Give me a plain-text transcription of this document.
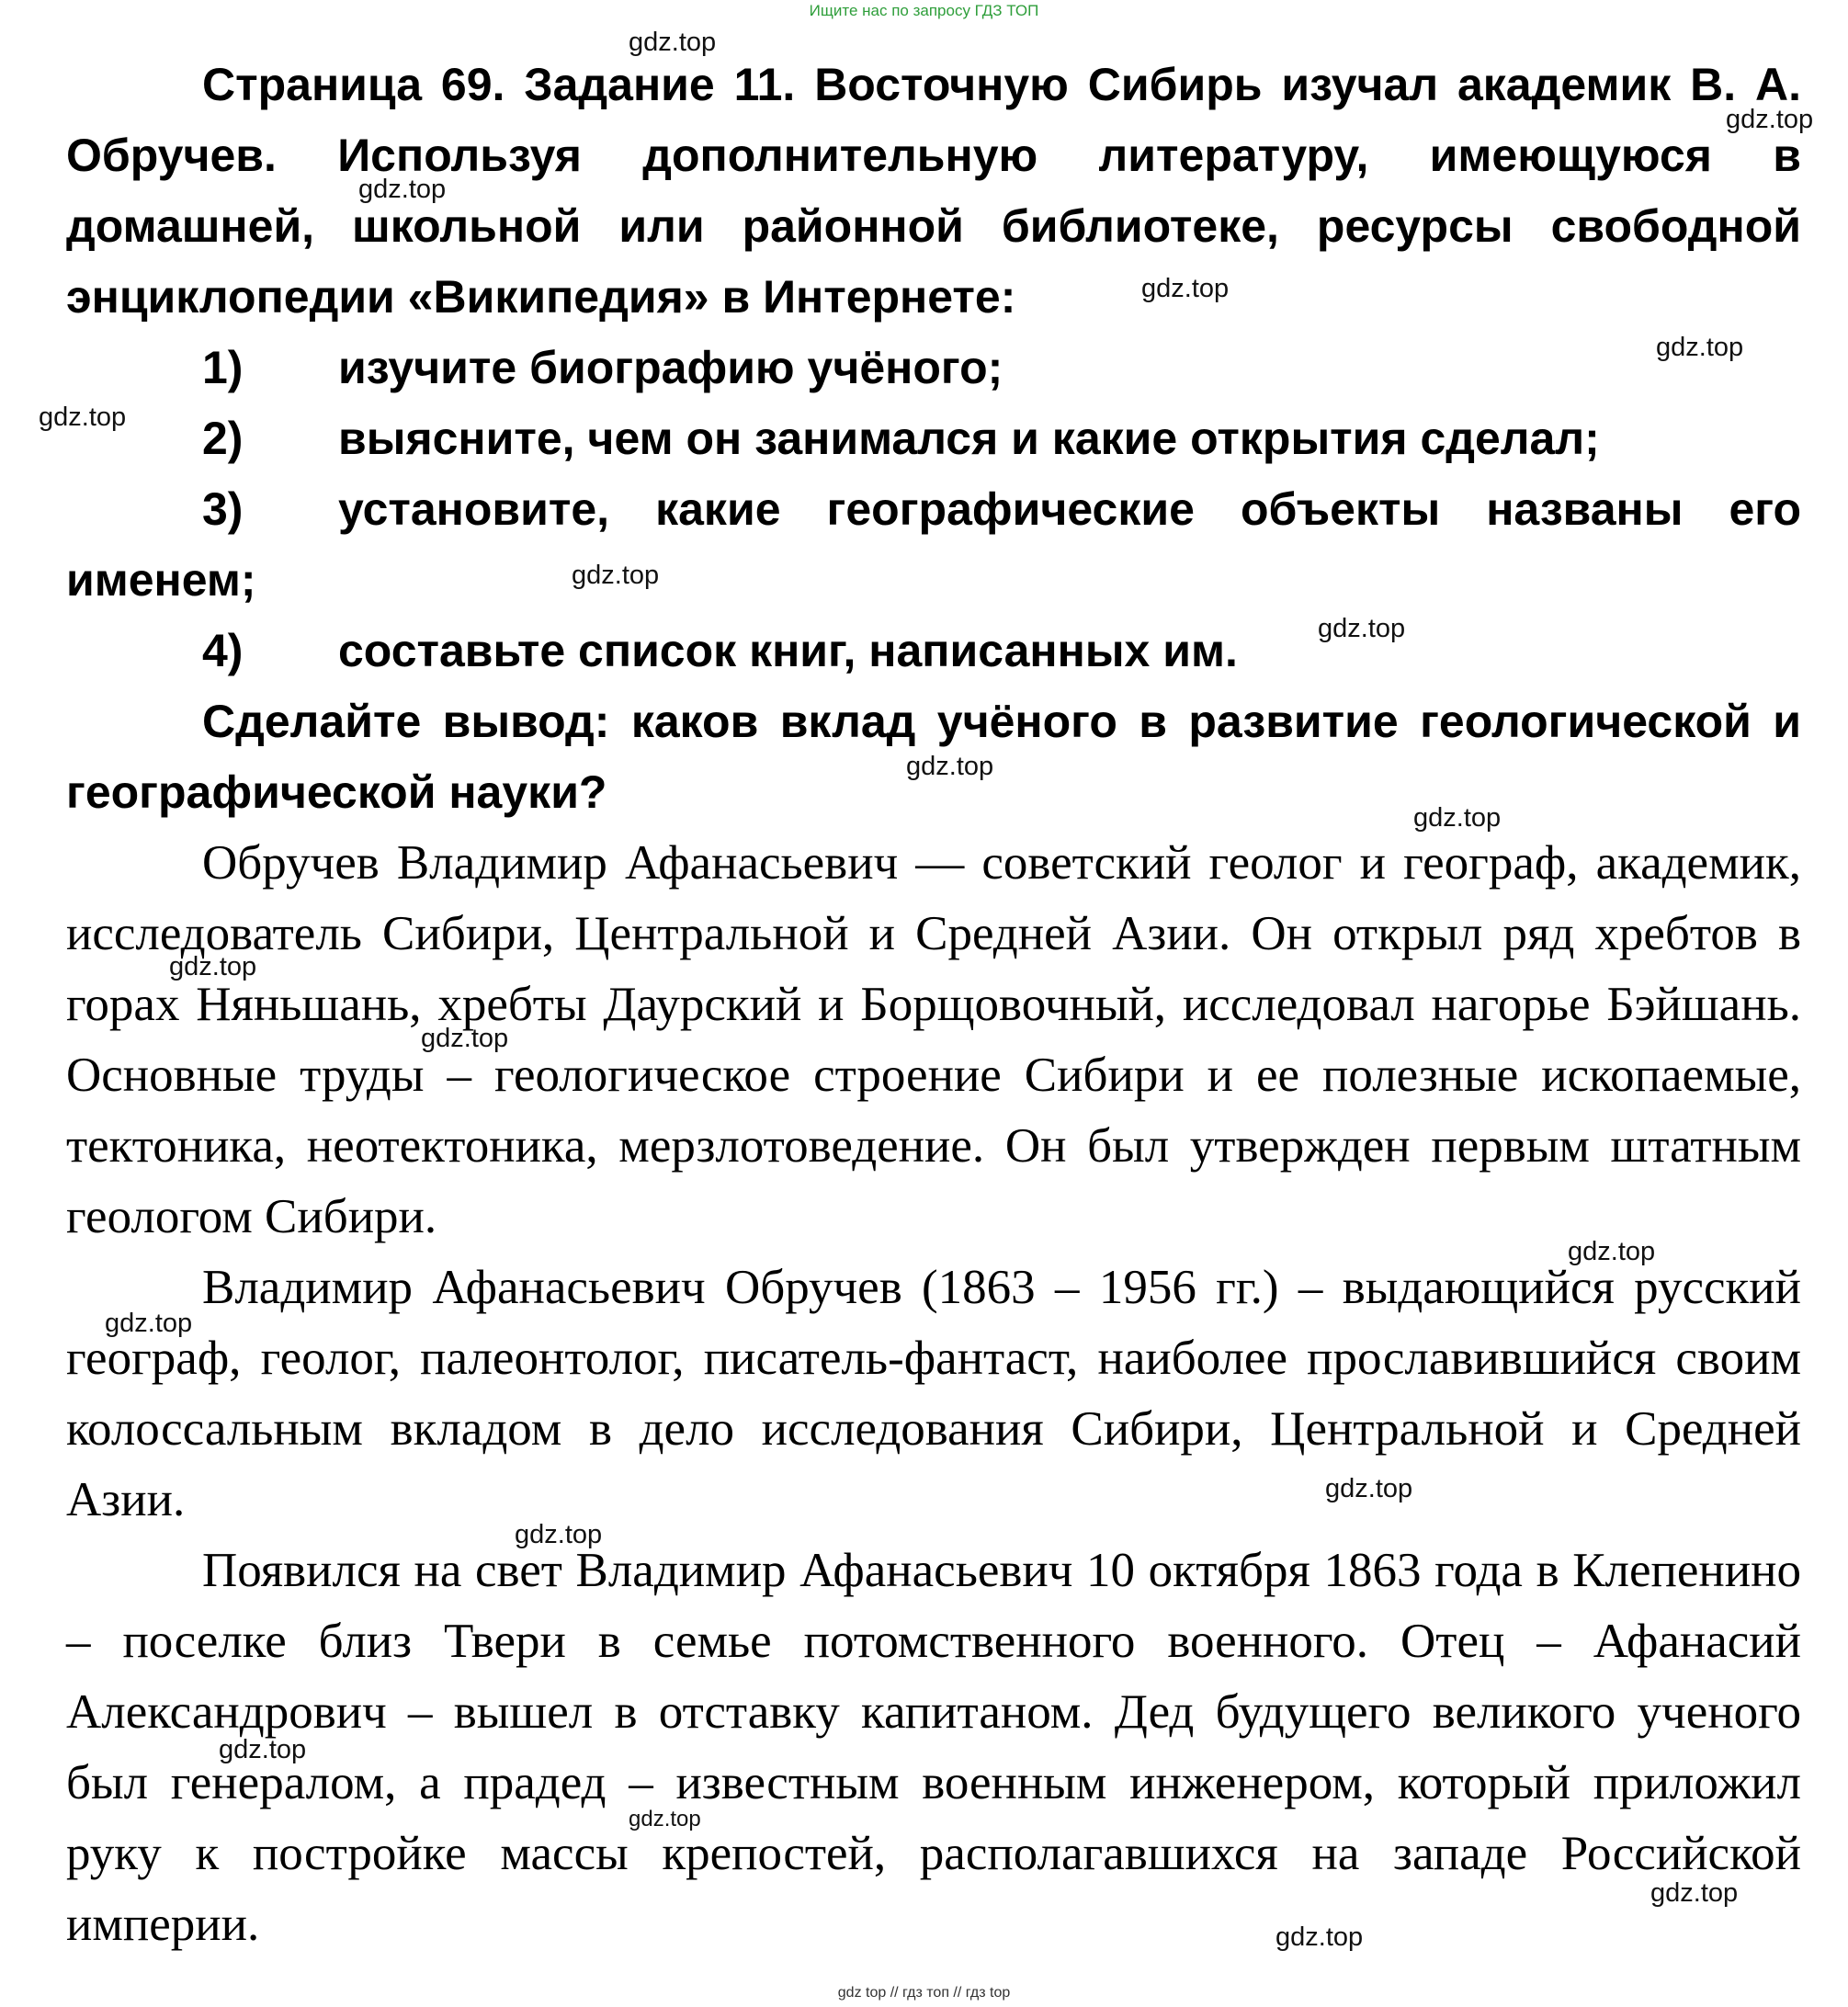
Ищите нас по запросу ГДЗ ТОП

Страница 69. Задание 11. Восточную Сибирь изучал академик В. А. Обручев. Используя дополнительную литературу, имеющуюся в домашней, школьной или районной библиотеке, ресурсы свободной энциклопедии «Википедия» в Интернете:

1)	изучите биографию учёного;
2)	выясните, чем он занимался и какие открытия сделал;
3) установите, какие географические объекты названы его именем;
4)	составьте список книг, написанных им.

Сделайте вывод: каков вклад учёного в развитие геологической и географической науки?

Обручев Владимир Афанасьевич — советский геолог и географ, академик, исследователь Сибири, Центральной и Средней Азии. Он открыл ряд хребтов в горах Няньшань, хребты Даурский и Борщовочный, исследовал нагорье Бэйшань. Основные труды – геологическое строение Сибири и ее полезные ископаемые, тектоника, неотектоника, мерзлотоведение. Он был утвержден первым штатным геологом Сибири.

Владимир Афанасьевич Обручев (1863 – 1956 гг.) – выдающийся русский географ, геолог, палеонтолог, писатель-фантаст, наиболее прославившийся своим колоссальным вкладом в дело исследования Сибири, Центральной и Средней Азии.

Появился на свет Владимир Афанасьевич 10 октября 1863 года в Клепенино – поселке близ Твери в семье потомственного военного. Отец – Афанасий Александрович – вышел в отставку капитаном. Дед будущего великого ученого был генералом, а прадед – известным военным инженером, который приложил руку к постройке массы крепостей, располагавшихся на западе Российской империи.

gdz.top
gdz.top
gdz.top
gdz.top
gdz.top
gdz.top
gdz.top
gdz.top
gdz.top
gdz.top
gdz.top
gdz.top
gdz.top
gdz.top
gdz.top
gdz.top
gdz.top
gdz.top
gdz.top
gdz.top
gdz top // гдз топ // гдз top
